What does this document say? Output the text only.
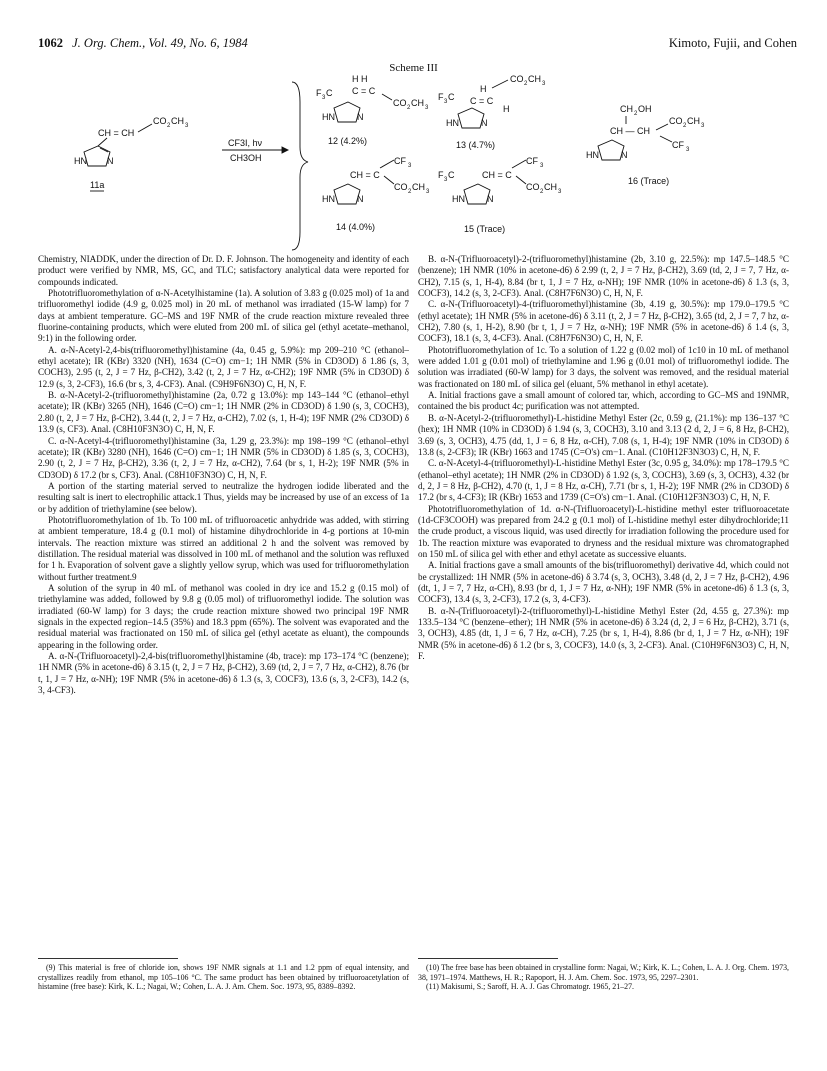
1062 J. Org. Chem., Vol. 49, No. 6, 1984	Kimoto, Fujii, and Cohen
Scheme III
CH = CH
CO 2 CH 3
HN N
11a
CF3I, hν
CH3OH
H H
F 3 C C = C
CO 2 CH 3
HN N
12 (4.2%)
H
CO 2 CH 3
F 3 C C = C
H
HN N
13 (4.7%)
CH 2 OH
CH — CH
CO 2 CH 3
CF 3
HN N
16 (Trace)
CF 3
CH = C
CO 2 CH 3
HN N
14 (4.0%)
CF 3
F 3 C	CH = C
CO 2 CH 3
HN N
15 (Trace)

Chemistry, NIADDK, under the direction of Dr. D. F. Johnson. The homogeneity and identity of each product were verified by NMR, MS, GC, and TLC; satisfactory analytical data were reported for compounds indicated.

Phototrifluoromethylation of α-N-Acetylhistamine (1a). A solution of 3.83 g (0.025 mol) of 1a and trifluoromethyl iodide (4.9 g, 0.025 mol) in 20 mL of methanol was irradiated (15-W lamp) for 7 days at ambient temperature. GC–MS and 19F NMR of the crude reaction mixture revealed three fluorine-containing products, which were eluted from 200 mL of silica gel (ethyl acetate–methanol, 9:1) in the following order.

A. α-N-Acetyl-2,4-bis(trifluoromethyl)histamine (4a, 0.45 g, 5.9%): mp 209–210 °C (ethanol–ethyl acetate); IR (KBr) 3320 (NH), 1634 (C=O) cm−1; 1H NMR (5% in CD3OD) δ 1.86 (s, 3, COCH3), 2.95 (t, 2, J = 7 Hz, β-CH2), 3.42 (t, 2, J = 7 Hz, α-CH2); 19F NMR (5% in CD3OD) δ 12.9 (s, 3, 2-CF3), 16.6 (br s, 3, 4-CF3). Anal. (C9H9F6N3O) C, H, N, F.

B. α-N-Acetyl-2-(trifluoromethyl)histamine (2a, 0.72 g 13.0%): mp 143–144 °C (ethanol–ethyl acetate); IR (KBr) 3265 (NH), 1646 (C=O) cm−1; 1H NMR (2% in CD3OD) δ 1.90 (s, 3, COCH3), 2.80 (t, 2, J = 7 Hz, β-CH2), 3.44 (t, 2, J = 7 Hz, α-CH2), 7.02 (s, 1, H-4); 19F NMR (2% CD3OD) δ 13.9 (s, CF3). Anal. (C8H10F3N3O) C, H, N, F.

C. α-N-Acetyl-4-(trifluoromethyl)histamine (3a, 1.29 g, 23.3%): mp 198–199 °C (ethanol–ethyl acetate); IR (KBr) 3280 (NH), 1646 (C=O) cm−1; 1H NMR (5% in CD3OD) δ 1.85 (s, 3, COCH3), 2.90 (t, 2, J = 7 Hz, β-CH2), 3.36 (t, 2, J = 7 Hz, α-CH2), 7.64 (br s, 1, H-2); 19F NMR (5% in CD3OD) δ 17.2 (br s, CF3). Anal. (C8H10F3N3O) C, H, N, F.

A portion of the starting material served to neutralize the hydrogen iodide liberated and the resulting salt is inert to electrophilic attack.1 Thus, yields may be increased by use of an excess of 1a or by addition of triethylamine (see below).

Phototrifluoromethylation of 1b. To 100 mL of trifluoroacetic anhydride was added, with stirring at ambient temperature, 18.4 g (0.1 mol) of histamine dihydrochloride in 4-g portions at 10-min intervals. The reaction mixture was stirred an additional 2 h and the solvent was removed by distillation. The residual material was dissolved in 100 mL of methanol and the solution was refluxed for 1 h. Evaporation of solvent gave a slightly yellow syrup, which was used for trifluoromethylation without further treatment.9

A solution of the syrup in 40 mL of methanol was cooled in dry ice and 15.2 g (0.15 mol) of triethylamine was added, followed by 9.8 g (0.05 mol) of trifluoromethyl iodide. The solution was irradiated (60-W lamp) for 3 days; the crude reaction mixture showed two principal 19F NMR signals in the expected region–14.5 (35%) and 18.3 ppm (65%). The solvent was evaporated and the residual material was fractionated on 150 mL of silica gel (ethyl acetate as eluant), the compounds appearing in the following order.

A. α-N-(Trifluoroacetyl)-2,4-bis(trifluoromethyl)histamine (4b, trace): mp 173–174 °C (benzene); 1H NMR (5% in acetone-d6) δ 3.15 (t, 2, J = 7 Hz, β-CH2), 3.69 (td, 2, J = 7, 7 Hz, α-CH2), 8.76 (br t, 1, J = 7 Hz, α-NH); 19F NMR (5% in acetone-d6) δ 1.3 (s, 3, COCF3), 13.6 (s, 3, 2-CF3), 14.2 (s, 3, 4-CF3).

B. α-N-(Trifluoroacetyl)-2-(trifluoromethyl)histamine (2b, 3.10 g, 22.5%): mp 147.5–148.5 °C (benzene); 1H NMR (10% in acetone-d6) δ 2.99 (t, 2, J = 7 Hz, β-CH2), 3.69 (td, 2, J = 7, 7 Hz, α-CH2), 7.15 (s, 1, H-4), 8.84 (br t, 1, J = 7 Hz, α-NH); 19F NMR (10% in acetone-d6) δ 1.3 (s, 3, COCF3), 14.2 (s, 3, 2-CF3). Anal. (C8H7F6N3O) C, H, N, F.

C. α-N-(Trifluoroacetyl)-4-(trifluoromethyl)histamine (3b, 4.19 g, 30.5%): mp 179.0–179.5 °C (ethyl acetate); 1H NMR (5% in acetone-d6) δ 3.11 (t, 2, J = 7 Hz, β-CH2), 3.65 (td, 2, J = 7, 7 hz, α-CH2), 7.80 (s, 1, H-2), 8.90 (br t, 1, J = 7 Hz, α-NH); 19F NMR (5% in acetone-d6) δ 1.4 (s, 3, COCF3), 18.1 (s, 3, 4-CF3). Anal. (C8H7F6N3O) C, H, N, F.

Phototrifluoromethylation of 1c. To a solution of 1.22 g (0.02 mol) of 1c10 in 10 mL of methanol were added 1.01 g (0.01 mol) of triethylamine and 1.96 g (0.01 mol) of trifluoromethyl iodide. The solution was irradiated (60-W lamp) for 3 days, the solvent was removed, and the residual material was fractionated on 180 mL of silica gel (eluant, 5% methanol in ethyl acetate).

A. Initial fractions gave a small amount of colored tar, which, according to GC–MS and 19NMR, contained the bis product 4c; purification was not attempted.

B. α-N-Acetyl-2-(trifluoromethyl)-L-histidine Methyl Ester (2c, 0.59 g, (21.1%): mp 136–137 °C (hex); 1H NMR (10% in CD3OD) δ 1.94 (s, 3, COCH3), 3.10 and 3.13 (2 d, 2, J = 6, 8 Hz, β-CH2), 3.69 (s, 3, OCH3), 4.75 (dd, 1, J = 6, 8 Hz, α-CH), 7.08 (s, 1, H-4); 19F NMR (10% in CD3OD) δ 13.8 (s, 2-CF3); IR (KBr) 1663 and 1745 (C=O's) cm−1. Anal. (C10H12F3N3O3) C, H, N, F.

C. α-N-Acetyl-4-(trifluoromethyl)-L-histidine Methyl Ester (3c, 0.95 g, 34.0%): mp 178–179.5 °C (ethanol–ethyl acetate); 1H NMR (2% in CD3OD) δ 1.92 (s, 3, COCH3), 3.69 (s, 3, OCH3), 4.32 (br d, 2, J = 8 Hz, β-CH2), 4.70 (t, 1, J = 8 Hz, α-CH), 7.71 (br s, 1, H-2); 19F NMR (2% in CD3OD) δ 17.2 (br s, 4-CF3); IR (KBr) 1653 and 1739 (C=O's) cm−1. Anal. (C10H12F3N3O3) C, H, N, F.

Phototrifluoromethylation of 1d. α-N-(Trifluoroacetyl)-L-histidine methyl ester trifluoroacetate (1d-CF3COOH) was prepared from 24.2 g (0.1 mol) of L-histidine methyl ester dihydrochloride;11 the crude product, a viscous liquid, was used directly for irradiation following the procedure used for 1b. The reaction mixture was evaporated to dryness and the residual mixture was chromatographed on 150 mL of silica gel with ether and ethyl acetate as successive eluants.

A. Initial fractions gave a small amounts of the bis(trifluoromethyl) derivative 4d, which could not be crystallized: 1H NMR (5% in acetone-d6) δ 3.74 (s, 3, OCH3), 3.48 (d, 2, J = 7 Hz, β-CH2), 4.96 (dt, 1, J = 7, 7 Hz, α-CH), 8.93 (br d, 1, J = 7 Hz, α-NH); 19F NMR (5% in acetone-d6) δ 1.3 (s, 3, COCF3), 13.4 (s, 3, 2-CF3), 17.2 (s, 3, 4-CF3).

B. α-N-(Trifluoroacetyl)-2-(trifluoromethyl)-L-histidine Methyl Ester (2d, 4.55 g, 27.3%): mp 133.5–134 °C (benzene–ether); 1H NMR (5% in acetone-d6) δ 3.24 (d, 2, J = 6 Hz, β-CH2), 3.71 (s, 3, OCH3), 4.85 (dt, 1, J = 6, 7 Hz, α-CH), 7.25 (br s, 1, H-4), 8.86 (br d, 1, J = 7 Hz, α-NH); 19F NMR (5% in acetone-d6) δ 1.2 (br s, 3, COCF3), 14.0 (s, 3, 2-CF3). Anal. (C10H9F6N3O3) C, H, N, F.

(9) This material is free of chloride ion, shows 19F NMR signals at 1.1 and 1.2 ppm of equal intensity, and crystallizes readily from ethanol, mp 105–106 °C. The same product has been obtained by trifluoroacetylation of histamine (free base): Kirk, K. L.; Nagai, W.; Cohen, L. A. J. Am. Chem. Soc. 1973, 95, 8389–8392.

(10) The free base has been obtained in crystalline form: Nagai, W.; Kirk, K. L.; Cohen, L. A. J. Org. Chem. 1973, 38, 1971–1974. Matthews, H. R.; Rapoport, H. J. Am. Chem. Soc. 1973, 95, 2297–2301.

(11) Makisumi, S.; Saroff, H. A. J. Gas Chromatogr. 1965, 21–27.
